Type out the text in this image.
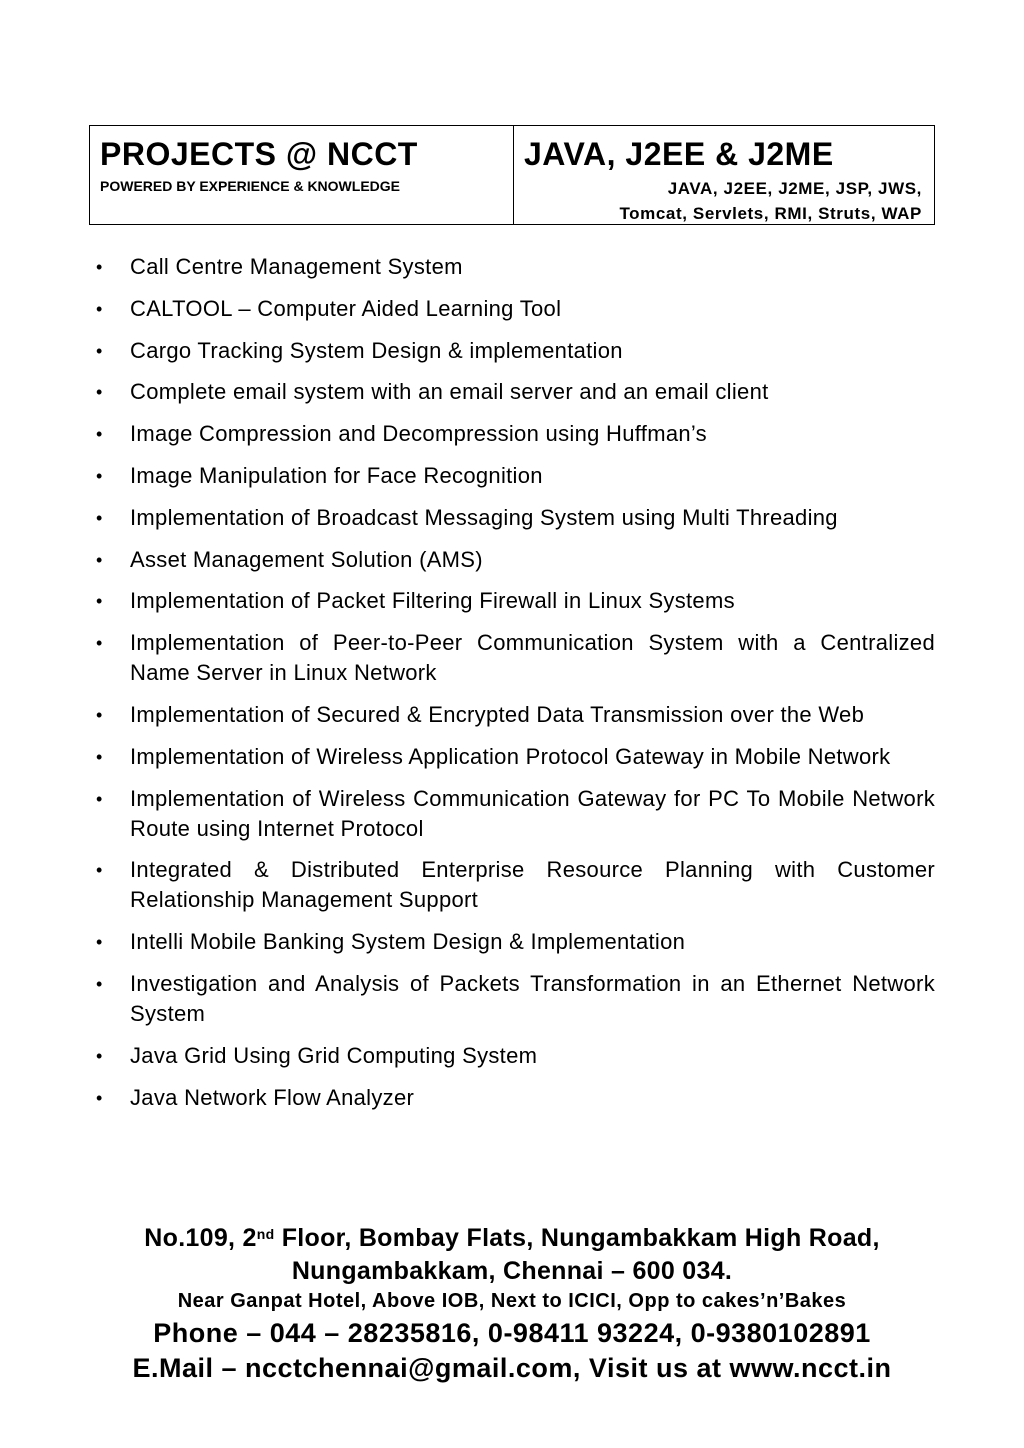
PROJECTS @ NCCT
POWERED BY EXPERIENCE & KNOWLEDGE
JAVA, J2EE & J2ME
JAVA, J2EE, J2ME, JSP, JWS,
Tomcat, Servlets, RMI, Struts, WAP
• Call Centre Management System
• CALTOOL – Computer Aided Learning Tool
• Cargo Tracking System Design & implementation
• Complete email system with an email server and an email client
• Image Compression and Decompression using Huffman’s
• Image Manipulation for Face Recognition
• Implementation of Broadcast Messaging System using Multi Threading
• Asset Management Solution (AMS)
• Implementation of Packet Filtering Firewall in Linux Systems
• Implementation of Peer-to-Peer Communication System with a Centralized Name Server in Linux Network
• Implementation of Secured & Encrypted Data Transmission over the Web
• Implementation of Wireless Application Protocol Gateway in Mobile Network
• Implementation of Wireless Communication Gateway for PC To Mobile Network Route using Internet Protocol
• Integrated & Distributed Enterprise Resource Planning with Customer Relationship Management Support
• Intelli Mobile Banking System Design & Implementation
• Investigation and Analysis of Packets Transformation in an Ethernet Network System
• Java Grid Using Grid Computing System
• Java Network Flow Analyzer
No.109, 2nd Floor, Bombay Flats, Nungambakkam High Road,
Nungambakkam, Chennai – 600 034.
Near Ganpat Hotel, Above IOB, Next to ICICI, Opp to cakes’n’Bakes
Phone – 044 – 28235816, 0-98411 93224, 0-9380102891
E.Mail – ncctchennai@gmail.com, Visit us at www.ncct.in
